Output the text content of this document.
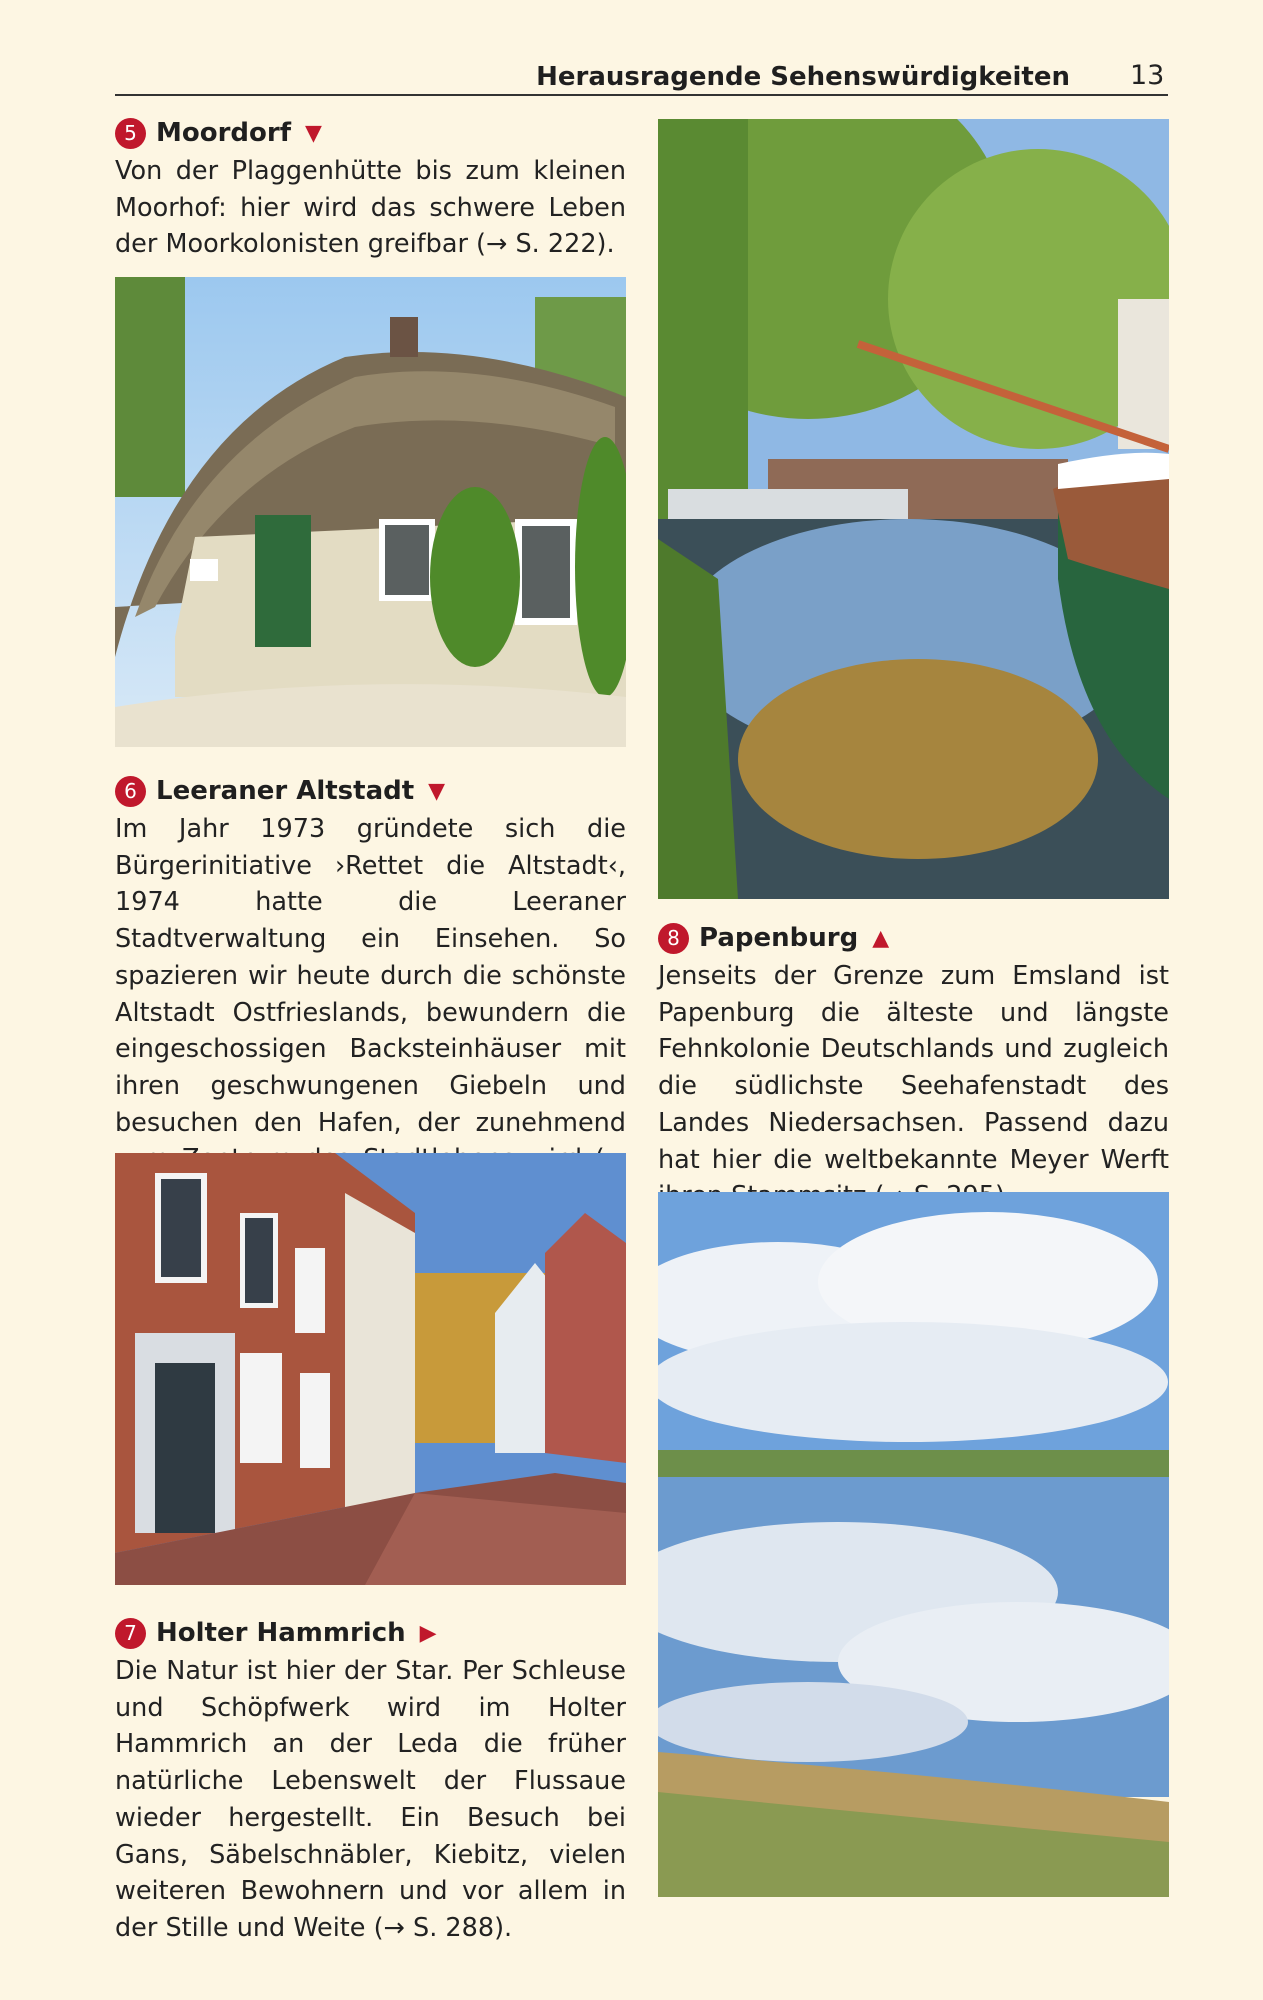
Herausragende Sehenswürdigkeiten 13
5 Moordorf ▼

Von der Plaggenhütte bis zum kleinen Moorhof: hier wird das schwere Leben der Moorkolonisten greifbar (→ S. 222).

6 Leeraner Altstadt ▼

Im Jahr 1973 gründete sich die Bürgerinitiative ›Rettet die Altstadt‹, 1974 hatte die Leeraner Stadtverwaltung ein Einsehen. So spazieren wir heute durch die schönste Altstadt Ostfrieslands, bewundern die eingeschossigen Backsteinhäuser mit ihren geschwungenen Giebeln und besuchen den Hafen, der zunehmend

7 Holter Hammrich ▶

Die Natur ist hier der Star. Per Schleuse und Schöpfwerk wird im Holter Hammrich an der Leda die früher natürliche Lebenswelt der Flussaue wieder hergestellt. Ein Besuch bei Gans, Säbelschnäbler, Kiebitz, vielen weiteren Bewohnern und vor allem in der Stille und Weite (→ S. 288).

8 Papenburg ▲

Jenseits der Grenze zum Emsland ist Papenburg die älteste und längste Fehnkolonie Deutschlands und zugleich die südlichste Seehafenstadt des Landes Niedersachsen. Passend dazu hat hier die weltbekannte Meyer Werft
